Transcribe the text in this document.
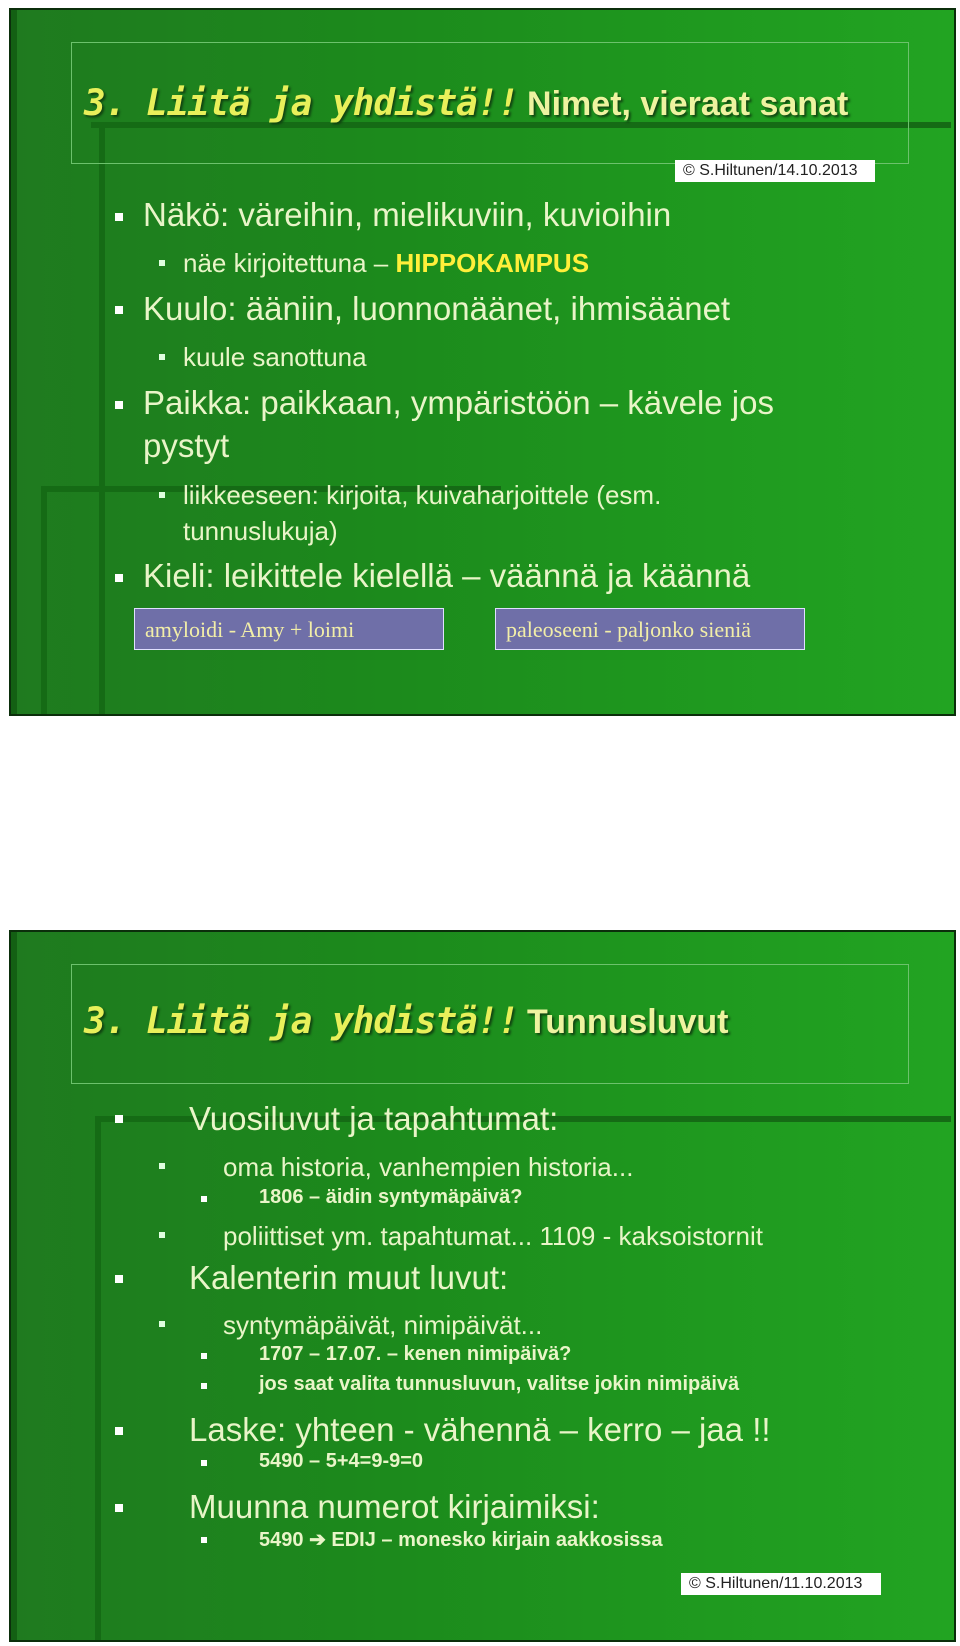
3. Liitä ja yhdistä!! Nimet, vieraat sanat
© S.Hiltunen/14.10.2013
Näkö: väreihin, mielikuviin, kuvioihin
näe kirjoitettuna – HIPPOKAMPUS
Kuulo: ääniin, luonnonäänet, ihmisäänet
kuule sanottuna
Paikka: paikkaan, ympäristöön – kävele jos
pystyt
liikkeeseen: kirjoita, kuivaharjoittele (esm.
tunnuslukuja)
Kieli: leikittele kielellä – väännä ja käännä
amyloidi - Amy + loimi	paleoseeni - paljonko sieniä
3. Liitä ja yhdistä!! Tunnusluvut
Vuosiluvut ja tapahtumat:
oma historia, vanhempien historia...
1806 – äidin syntymäpäivä?
poliittiset ym. tapahtumat... 1109 - kaksoistornit
Kalenterin muut luvut:
syntymäpäivät, nimipäivät...
1707 – 17.07. – kenen nimipäivä?
jos saat valita tunnusluvun, valitse jokin nimipäivä
Laske: yhteen - vähennä – kerro – jaa !!
5490 – 5+4=9-9=0
Muunna numerot kirjaimiksi:
5490 ➔ EDIJ – monesko kirjain aakkosissa
© S.Hiltunen/11.10.2013
